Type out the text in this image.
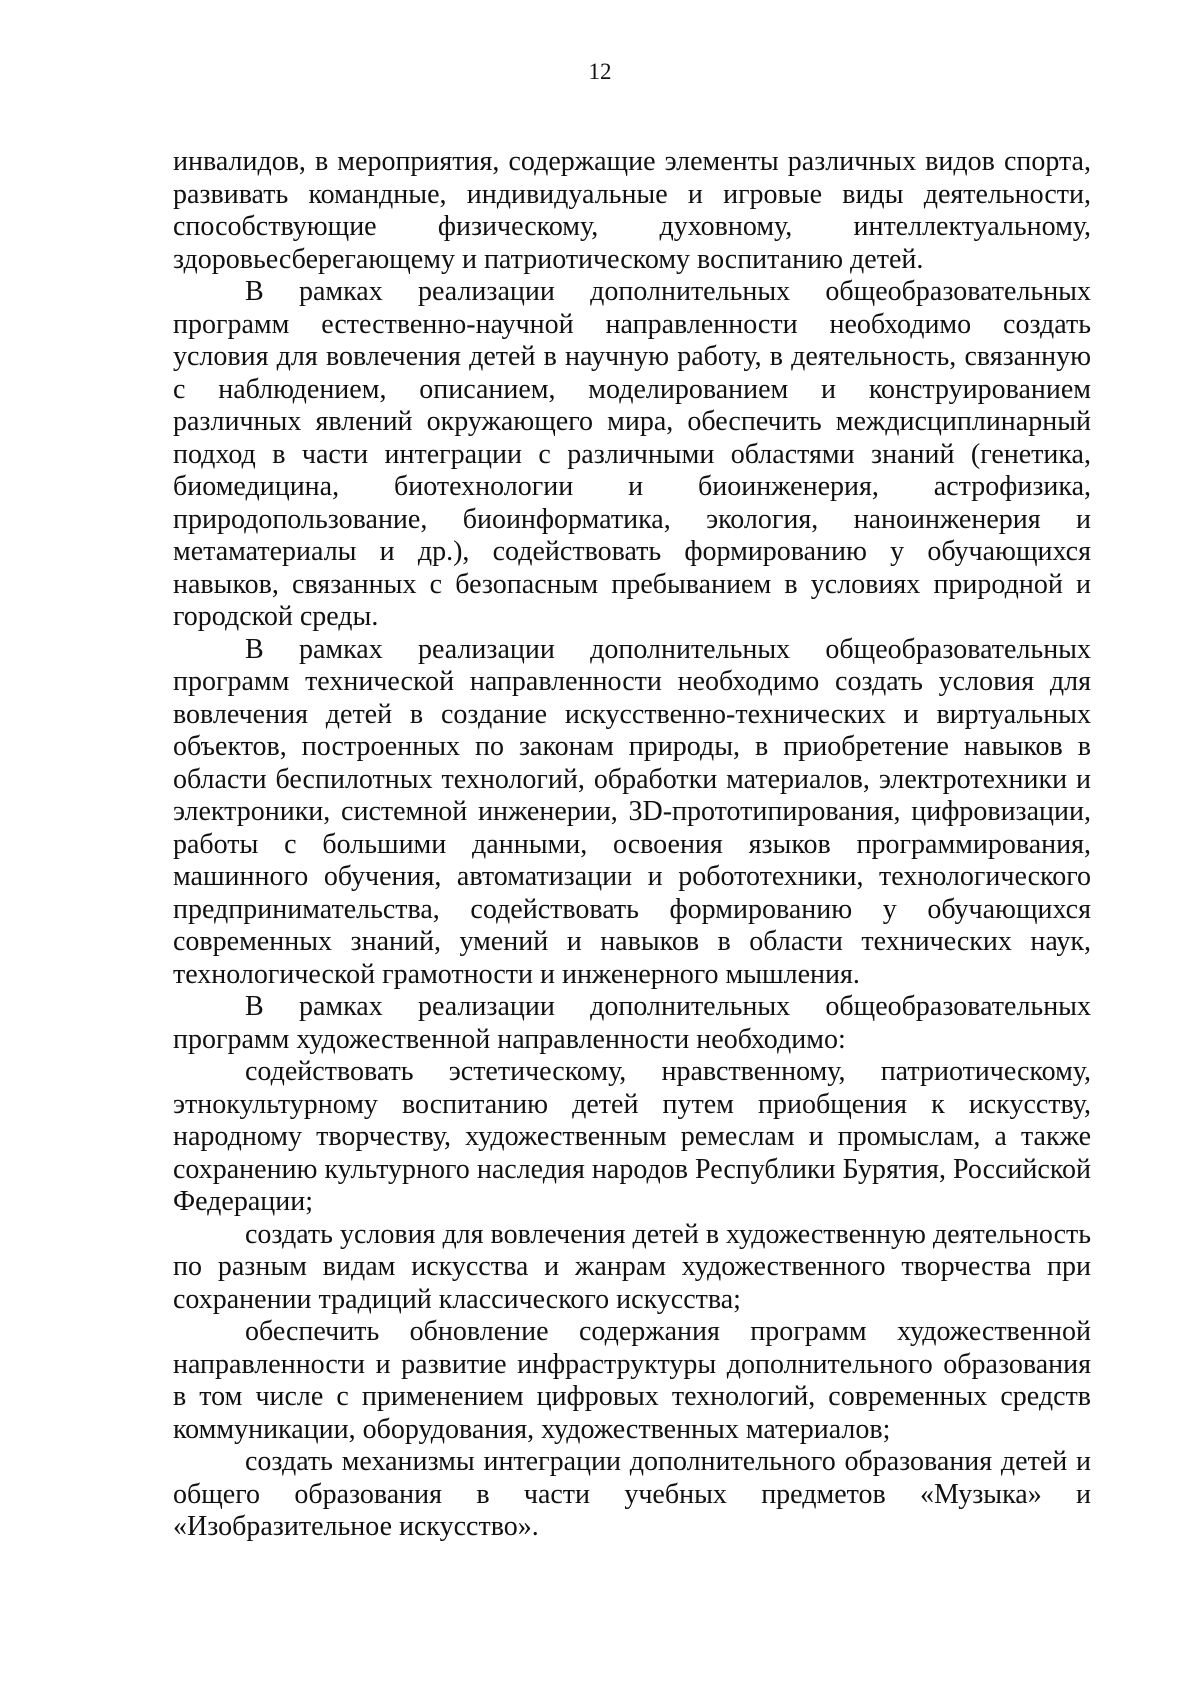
12

инвалидов, в мероприятия, содержащие элементы различных видов спорта, развивать командные, индивидуальные и игровые виды деятельности, способствующие физическому, духовному, интеллектуальному, здоровьесберегающему и патриотическому воспитанию детей.

В рамках реализации дополнительных общеобразовательных программ естественно-научной направленности необходимо создать условия для вовлечения детей в научную работу, в деятельность, связанную с наблюдением, описанием, моделированием и конструированием различных явлений окружающего мира, обеспечить междисциплинарный подход в части интеграции с различными областями знаний (генетика, биомедицина, биотехнологии и биоинженерия, астрофизика, природопользование, биоинформатика, экология, наноинженерия и метаматериалы и др.), содействовать формированию у обучающихся навыков, связанных с безопасным пребыванием в условиях природной и городской среды.

В рамках реализации дополнительных общеобразовательных программ технической направленности необходимо создать условия для вовлечения детей в создание искусственно-технических и виртуальных объектов, построенных по законам природы, в приобретение навыков в области беспилотных технологий, обработки материалов, электротехники и электроники, системной инженерии, 3D-прототипирования, цифровизации, работы с большими данными, освоения языков программирования, машинного обучения, автоматизации и робототехники, технологического предпринимательства, содействовать формированию у обучающихся современных знаний, умений и навыков в области технических наук, технологической грамотности и инженерного мышления.

В рамках реализации дополнительных общеобразовательных программ художественной направленности необходимо:

содействовать эстетическому, нравственному, патриотическому, этнокультурному воспитанию детей путем приобщения к искусству, народному творчеству, художественным ремеслам и промыслам, а также сохранению культурного наследия народов Республики Бурятия, Российской Федерации;

создать условия для вовлечения детей в художественную деятельность по разным видам искусства и жанрам художественного творчества при сохранении традиций классического искусства;

обеспечить обновление содержания программ художественной направленности и развитие инфраструктуры дополнительного образования в том числе с применением цифровых технологий, современных средств коммуникации, оборудования, художественных материалов;

создать механизмы интеграции дополнительного образования детей и общего образования в части учебных предметов «Музыка» и «Изобразительное искусство».
